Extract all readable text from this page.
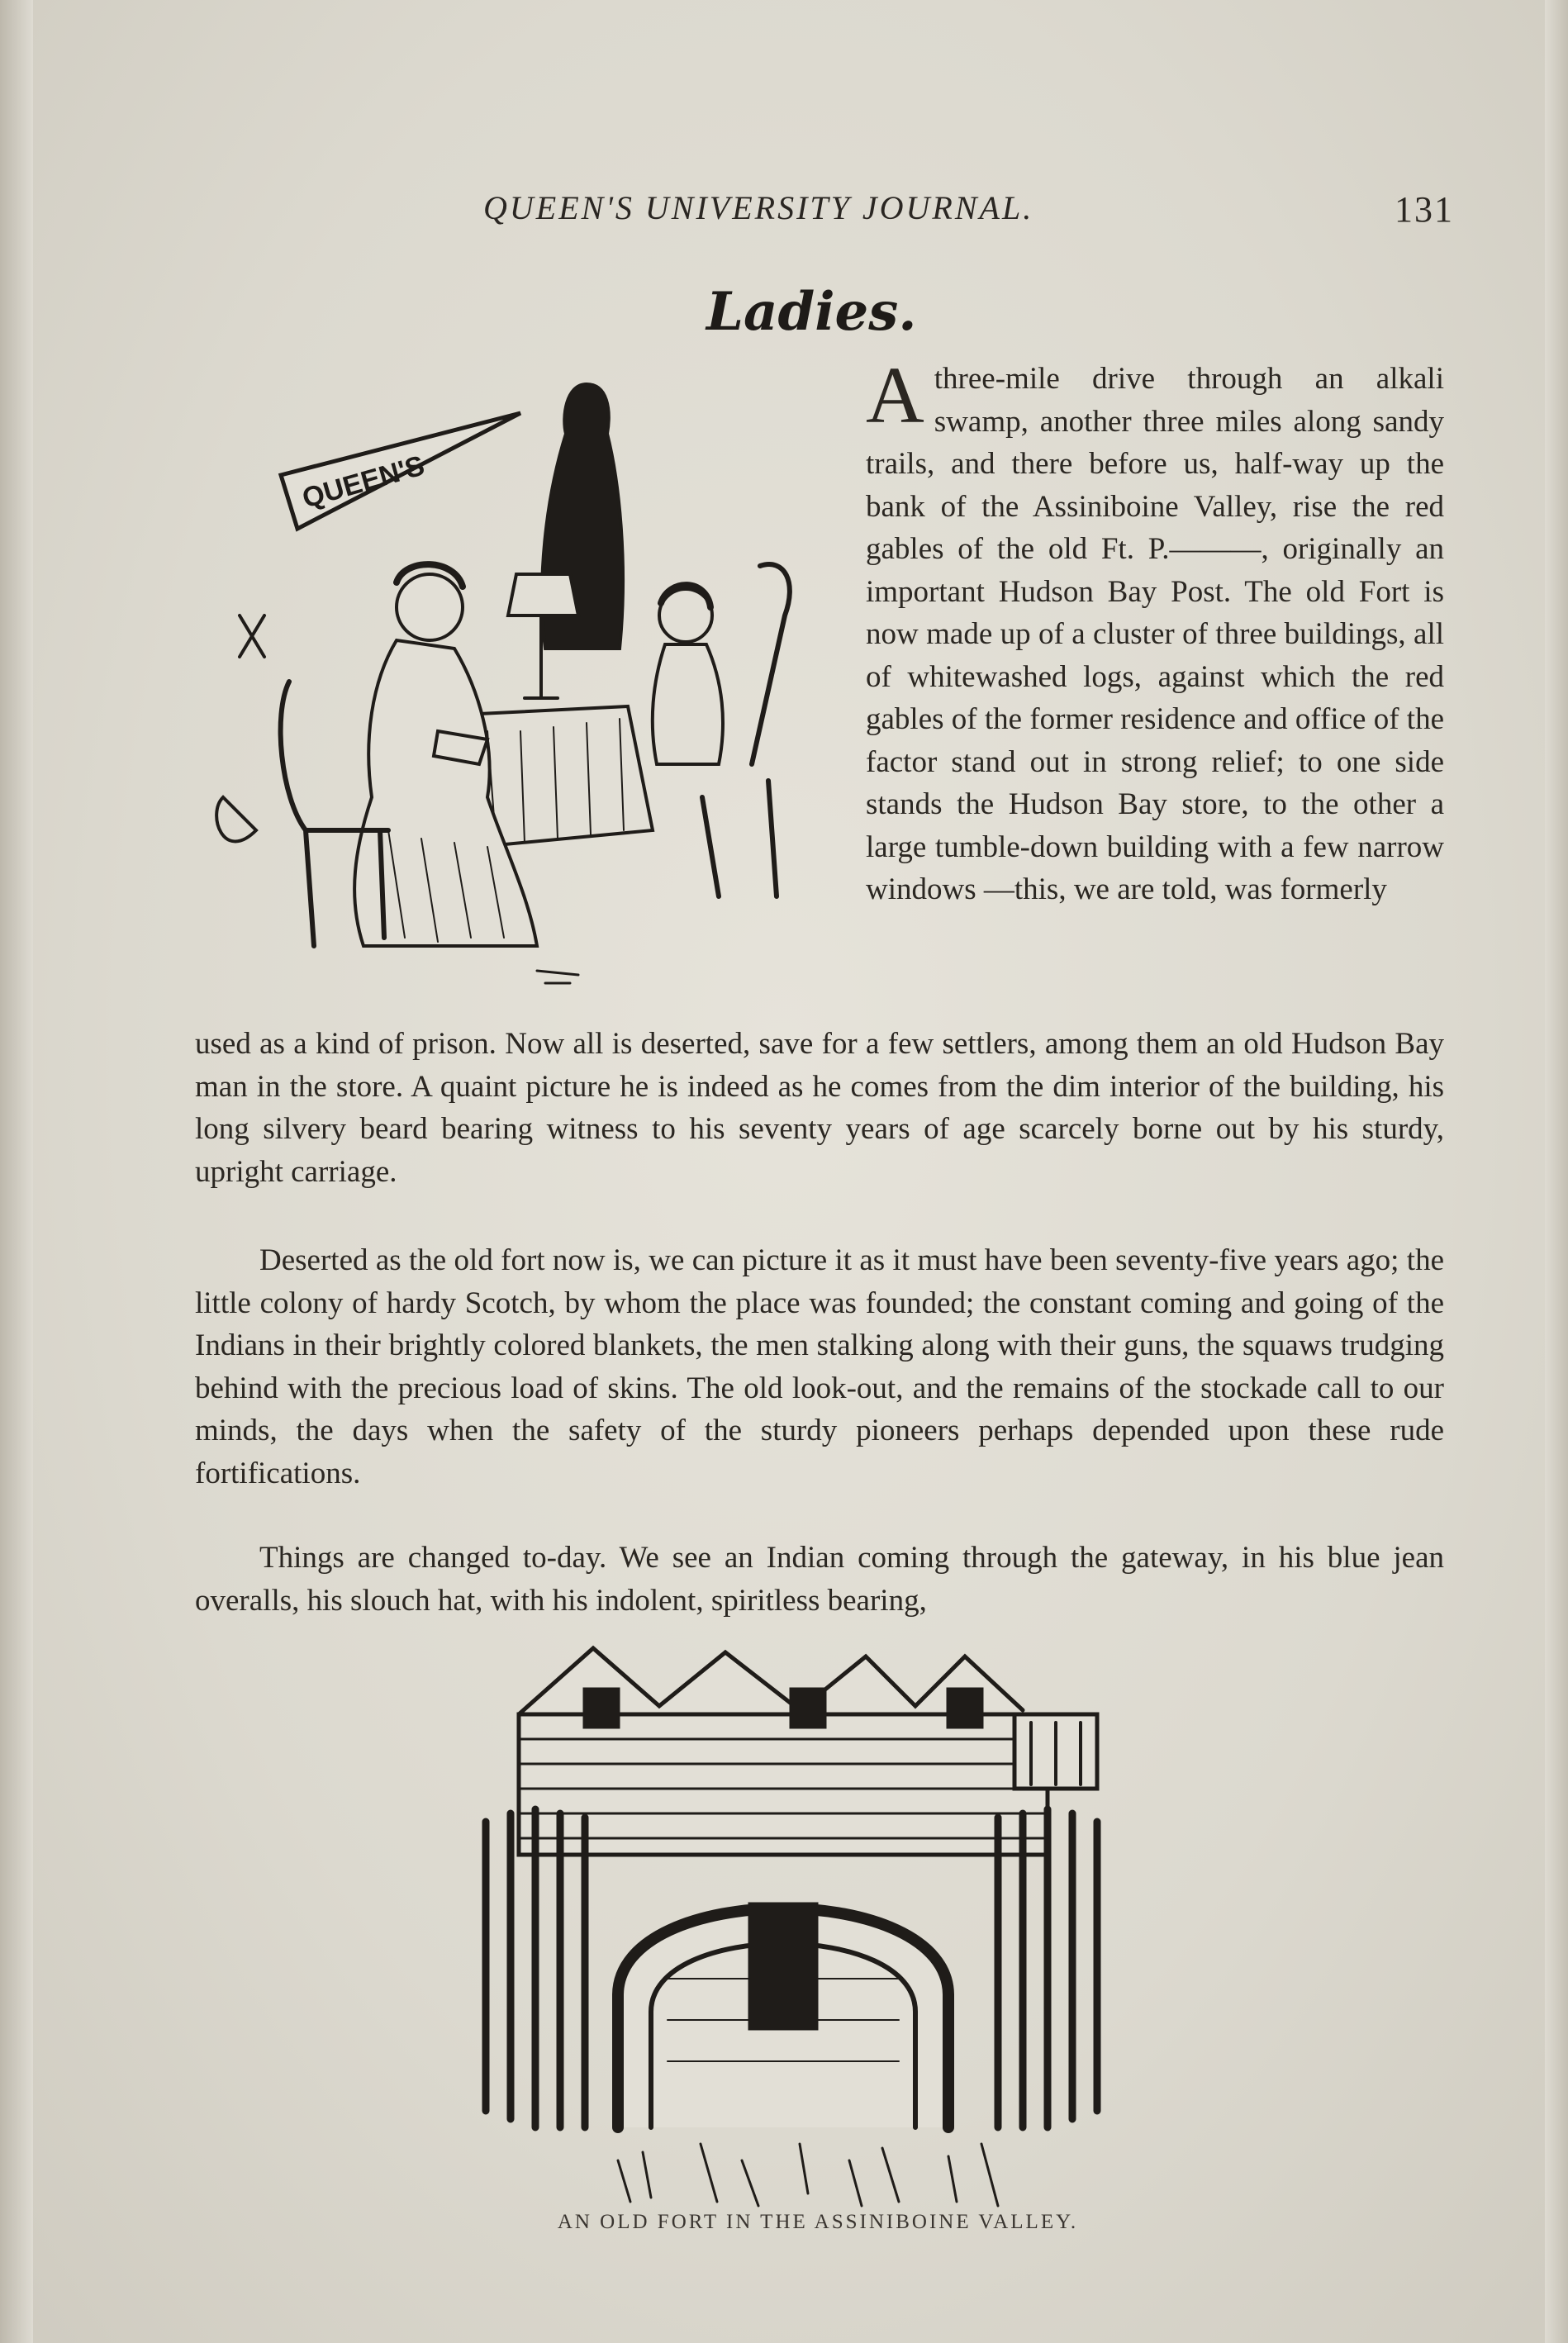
QUEEN'S UNIVERSITY JOURNAL.	131
Ladies.
QUEEN'S
Athree-mile drive through an alkali swamp, another three miles along sandy trails, and there before us, half-way up the bank of the Assiniboine Valley, rise the red gables of the old Ft. P.———, originally an important Hudson Bay Post. The old Fort is now made up of a cluster of three buildings, all of whitewashed logs, against which the red gables of the former residence and office of the factor stand out in strong relief; to one side stands the Hudson Bay store, to the other a large tumble-down building with a few narrow windows —this, we are told, was formerly
used as a kind of prison. Now all is deserted, save for a few settlers, among them an old Hudson Bay man in the store. A quaint picture he is indeed as he comes from the dim interior of the building, his long silvery beard bearing witness to his seventy years of age scarcely borne out by his sturdy, upright carriage.
Deserted as the old fort now is, we can picture it as it must have been seventy-five years ago; the little colony of hardy Scotch, by whom the place was founded; the constant coming and going of the Indians in their brightly colored blankets, the men stalking along with their guns, the squaws trudging behind with the precious load of skins. The old look-out, and the remains of the stockade call to our minds, the days when the safety of the sturdy pioneers perhaps depended upon these rude fortifications.
Things are changed to-day. We see an Indian coming through the gateway, in his blue jean overalls, his slouch hat, with his indolent, spiritless bearing,
AN OLD FORT IN THE ASSINIBOINE VALLEY.
